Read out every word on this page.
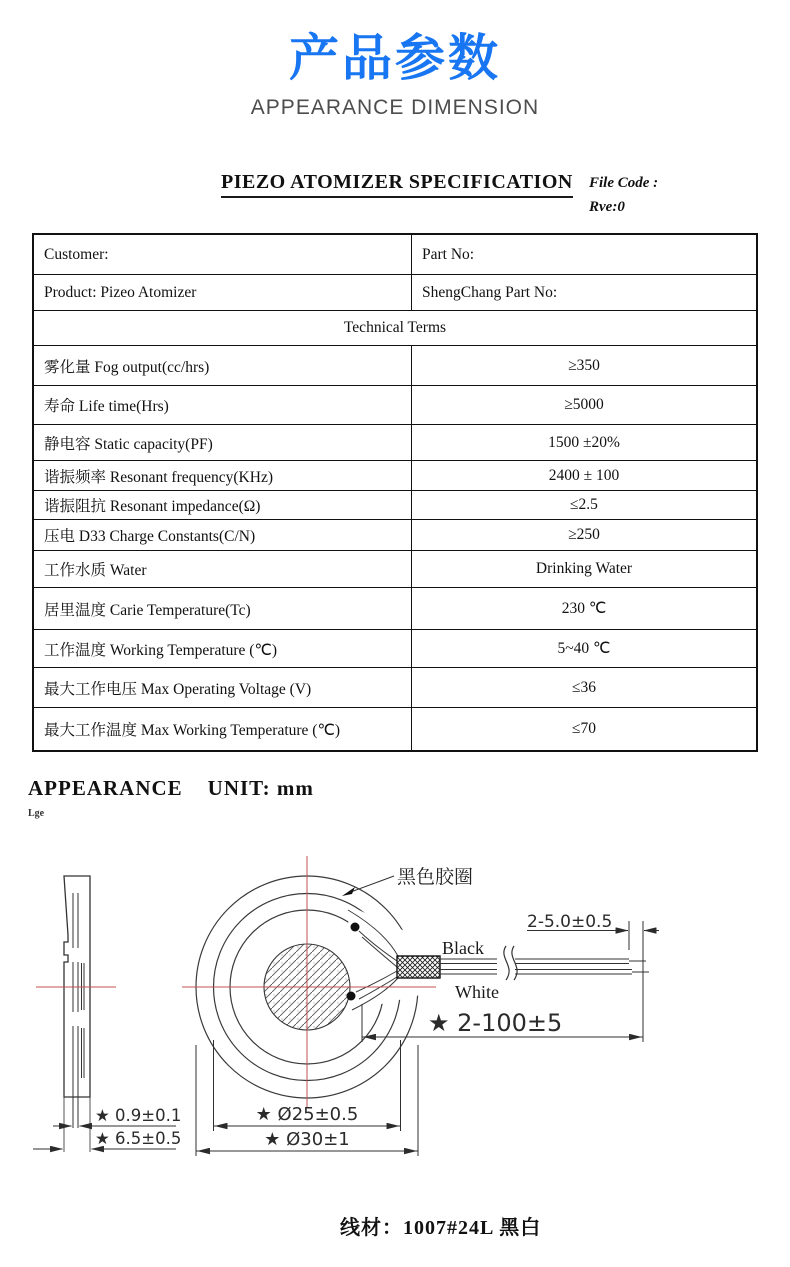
产品参数
APPEARANCE DIMENSION
PIEZO ATOMIZER SPECIFICATION File Code :
Rve:0
Customer:	Part No:
Product: Pizeo Atomizer	ShengChang Part No:
Technical Terms
雾化量 Fog output(cc/hrs)	≥350
寿命 Life time(Hrs)	≥5000
静电容 Static capacity(PF)	1500 ±20%
谐振频率 Resonant frequency(KHz)	2400 ± 100
谐振阻抗 Resonant impedance(Ω)	≤2.5
压电 D33 Charge Constants(C/N)	≥250
工作水质 Water	Drinking Water
居里温度 Carie Temperature(Tc)	230 ℃
工作温度 Working Temperature (℃)	5~40 ℃
最大工作电压 Max Operating Voltage (V)	≤36
最大工作温度 Max Working Temperature (℃)	≤70
APPEARANCE    UNIT: mm
Lge
黑色胶圈
Black
White
2-5.0±0.5
★ 2-100±5
★ 0.9±0.1
★ 6.5±0.5
★ Ø25±0.5
★ Ø30±1
线材：1007#24L 黑白
